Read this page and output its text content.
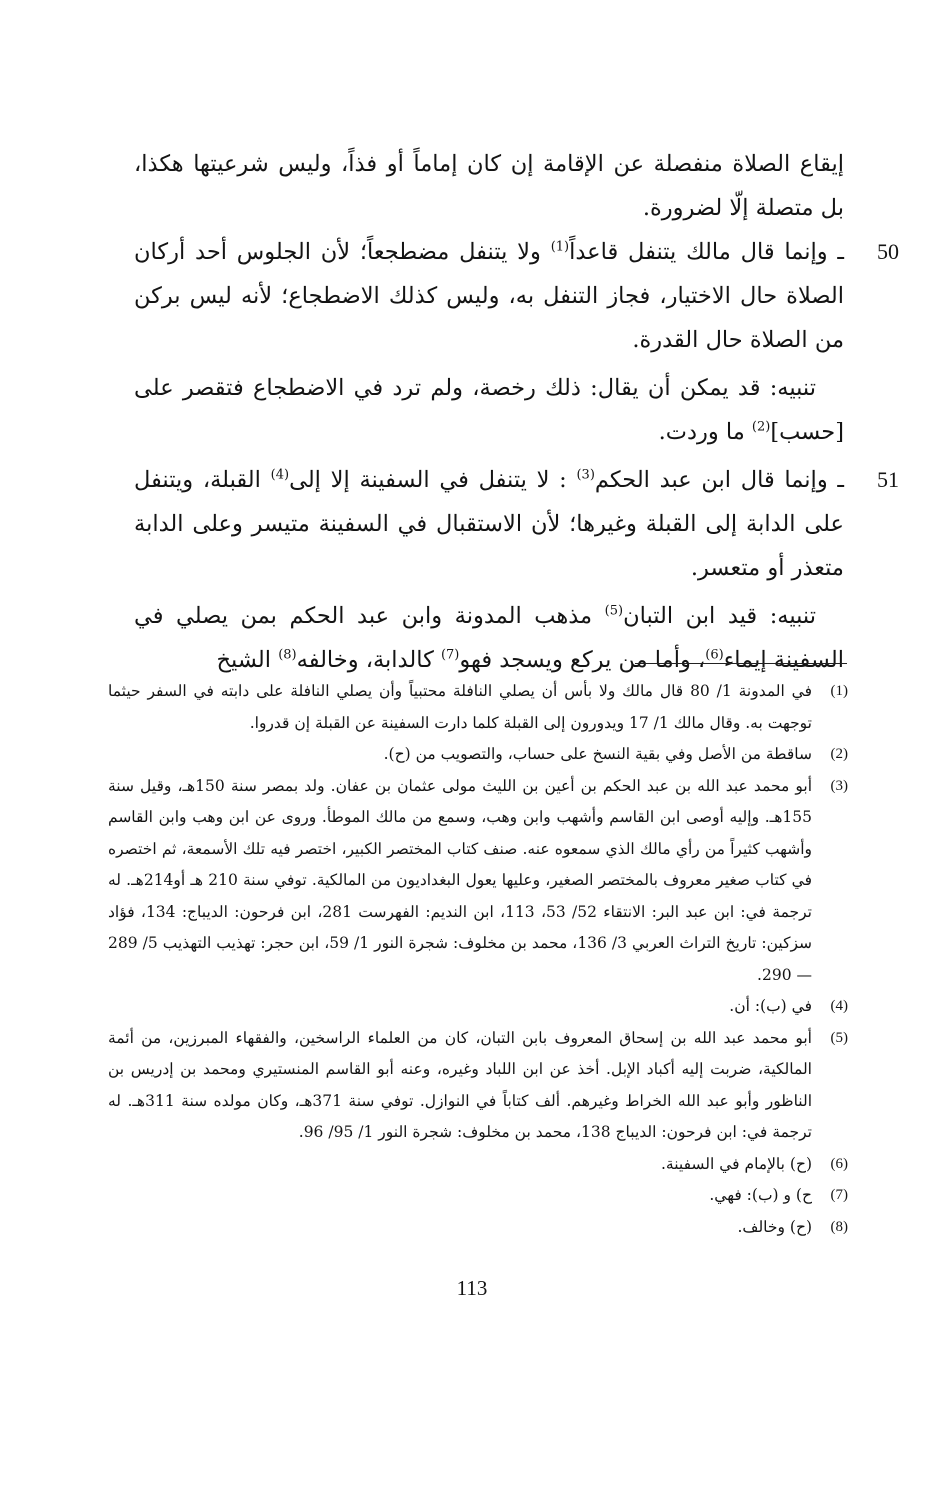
إيقاع الصلاة منفصلة عن الإقامة إن كان إماماً أو فذاً، وليس شرعيتها هكذا، بل متصلة إلّا لضرورة.

50
ـ وإنما قال مالك يتنفل قاعداً$^{(1)}$ ولا يتنفل مضطجعاً؛ لأن الجلوس أحد أركان الصلاة حال الاختيار، فجاز التنفل به، وليس كذلك الاضطجاع؛ لأنه ليس بركن من الصلاة حال القدرة.

تنبيه: قد يمكن أن يقال: ذلك رخصة، ولم ترد في الاضطجاع فتقصر على [حسب]$^{(2)}$ ما وردت.

51
ـ وإنما قال ابن عبد الحكم$^{(3)}$ : لا يتنفل في السفينة إلا إلى$^{(4)}$ القبلة، ويتنفل على الدابة إلى القبلة وغيرها؛ لأن الاستقبال في السفينة متيسر وعلى الدابة متعذر أو متعسر.

تنبيه: قيد ابن التبان$^{(5)}$ مذهب المدونة وابن عبد الحكم بمن يصلي في السفينة إيماء$^{(6)}$، وأما من يركع ويسجد فهو$^{(7)}$ كالدابة، وخالفه$^{(8)}$ الشيخ

(1)
في المدونة 1/ 80 قال مالك ولا بأس أن يصلي النافلة محتبياً وأن يصلي النافلة على دابته في السفر حيثما توجهت به. وقال مالك 1/ 17 ويدورون إلى القبلة كلما دارت السفينة عن القبلة إن قدروا.

(2)
ساقطة من الأصل وفي بقية النسخ على حساب، والتصويب من (ح).

(3)
أبو محمد عبد الله بن عبد الحكم بن أعين بن الليث مولى عثمان بن عفان. ولد بمصر سنة 150هـ، وقيل سنة 155هـ. وإليه أوصى ابن القاسم وأشهب وابن وهب، وسمع من مالك الموطأ. وروى عن ابن وهب وابن القاسم وأشهب كثيراً من رأي مالك الذي سمعوه عنه. صنف كتاب المختصر الكبير، اختصر فيه تلك الأسمعة، ثم اختصره في كتاب صغير معروف بالمختصر الصغير، وعليها يعول البغداديون من المالكية. توفي سنة 210 هـ أو214هـ. له ترجمة في: ابن عبد البر: الانتقاء 52/ 53، 113، ابن النديم: الفهرست 281، ابن فرحون: الديباج: 134، فؤاد سزكين: تاريخ التراث العربي 3/ 136، محمد بن مخلوف: شجرة النور 1/ 59، ابن حجر: تهذيب التهذيب 5/ 289 — 290.

(4)
في (ب): أن.

(5)
أبو محمد عبد الله بن إسحاق المعروف بابن التبان، كان من العلماء الراسخين، والفقهاء المبرزين، من أئمة المالكية، ضربت إليه أكباد الإبل. أخذ عن ابن اللباد وغيره، وعنه أبو القاسم المنستيري ومحمد بن إدريس بن الناظور وأبو عبد الله الخراط وغيرهم. ألف كتاباً في النوازل. توفي سنة 371هـ، وكان مولده سنة 311هـ. له ترجمة في: ابن فرحون: الديباج 138، محمد بن مخلوف: شجرة النور 1/ 95/ 96.

(6)
(ح) بالإمام في السفينة.

(7)
ح) و (ب): فهي.

(8)
(ح) وخالف.

113
